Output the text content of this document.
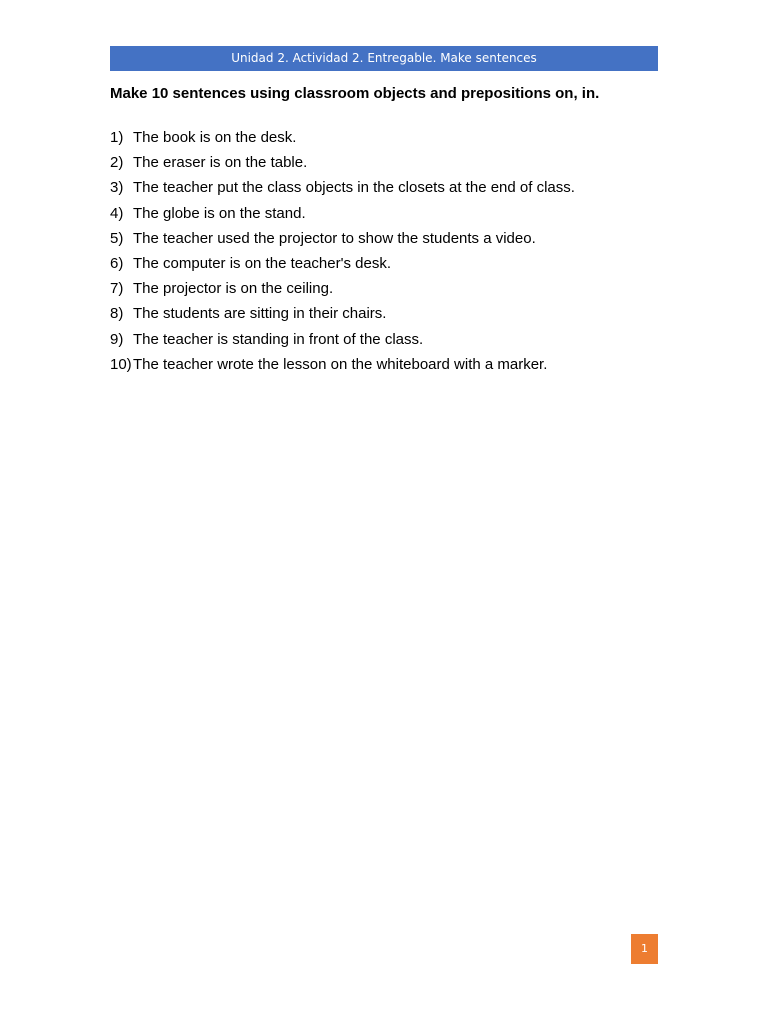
Unidad 2. Actividad 2. Entregable. Make sentences
Make 10 sentences using classroom objects and prepositions on, in.
1) The book is on the desk.
2) The eraser is on the table.
3) The teacher put the class objects in the closets at the end of class.
4) The globe is on the stand.
5) The teacher used the projector to show the students a video.
6) The computer is on the teacher's desk.
7) The projector is on the ceiling.
8) The students are sitting in their chairs.
9) The teacher is standing in front of the class.
10) The teacher wrote the lesson on the whiteboard with a marker.
1
